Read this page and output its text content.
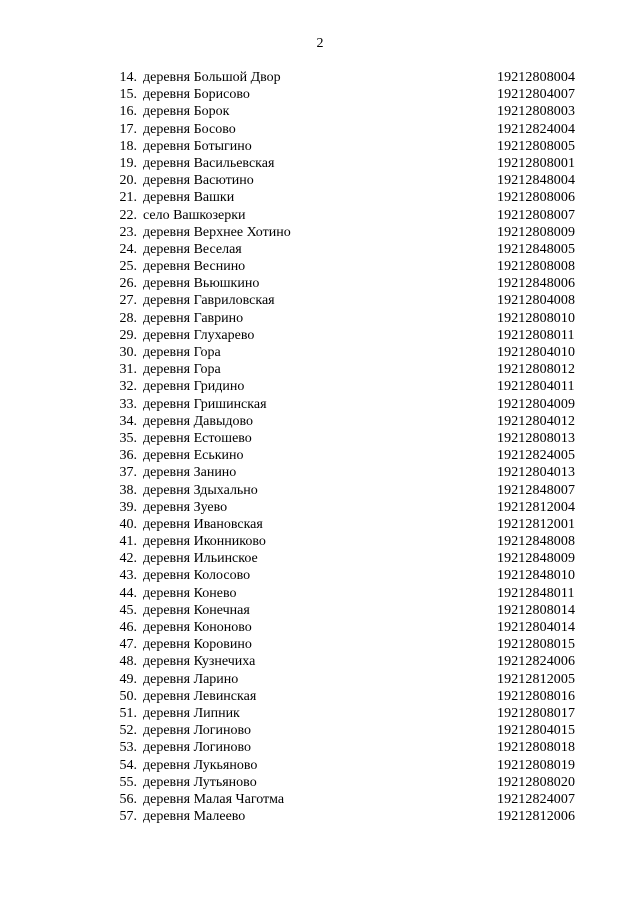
2
14. деревня Большой Двор	19212808004
15. деревня Борисово	19212804007
16. деревня Борок	19212808003
17. деревня Босово	19212824004
18. деревня Ботыгино	19212808005
19. деревня Васильевская	19212808001
20. деревня Васютино	19212848004
21. деревня Вашки	19212808006
22. село Вашкозерки	19212808007
23. деревня Верхнее Хотино	19212808009
24. деревня Веселая	19212848005
25. деревня Веснино	19212808008
26. деревня Вьюшкино	19212848006
27. деревня Гавриловская	19212804008
28. деревня Гаврино	19212808010
29. деревня Глухарево	19212808011
30. деревня Гора	19212804010
31. деревня Гора	19212808012
32. деревня Гридино	19212804011
33. деревня Гришинская	19212804009
34. деревня Давыдово	19212804012
35. деревня Естошево	19212808013
36. деревня Еськино	19212824005
37. деревня Занино	19212804013
38. деревня Здыхально	19212848007
39. деревня Зуево	19212812004
40. деревня Ивановская	19212812001
41. деревня Иконниково	19212848008
42. деревня Ильинское	19212848009
43. деревня Колосово	19212848010
44. деревня Конево	19212848011
45. деревня Конечная	19212808014
46. деревня Кононово	19212804014
47. деревня Коровино	19212808015
48. деревня Кузнечиха	19212824006
49. деревня Ларино	19212812005
50. деревня Левинская	19212808016
51. деревня Липник	19212808017
52. деревня Логиново	19212804015
53. деревня Логиново	19212808018
54. деревня Лукьяново	19212808019
55. деревня Лутьяново	19212808020
56. деревня Малая Чаготма	19212824007
57. деревня Малеево	19212812006
